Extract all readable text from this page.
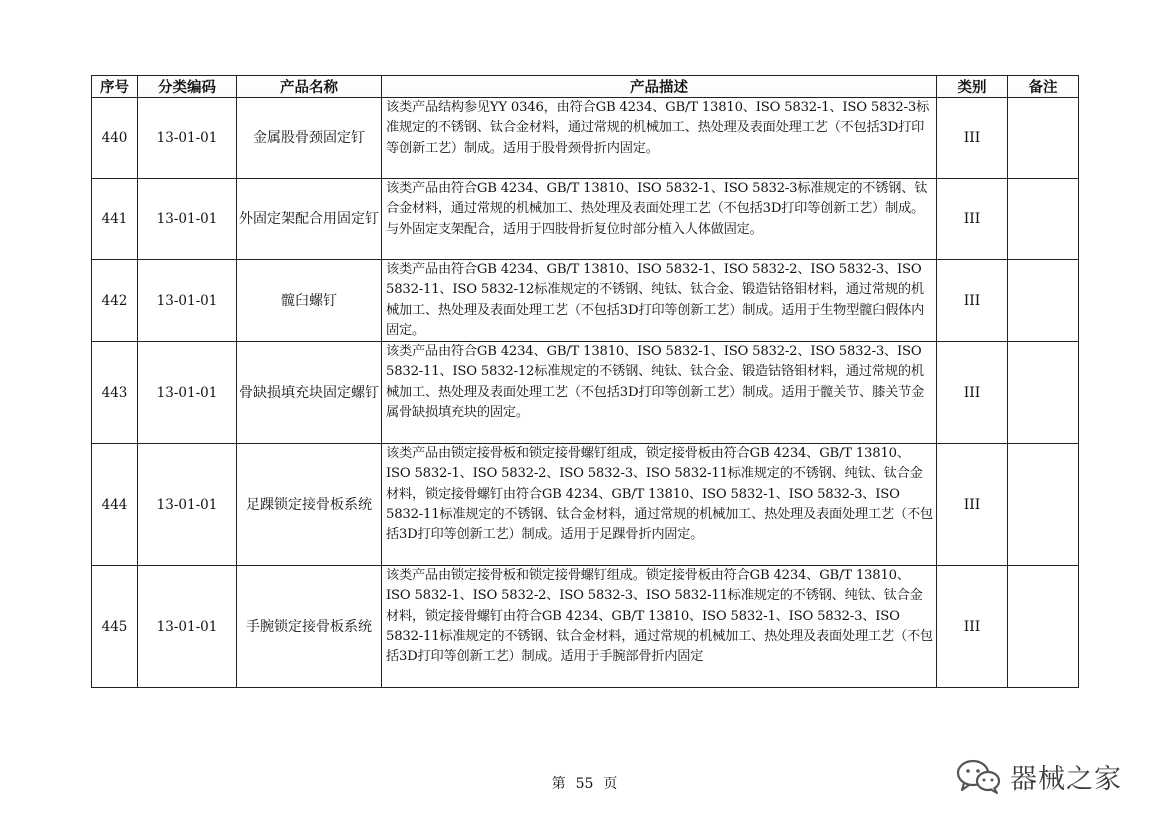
序号	分类编码	产品名称	产品描述	类别	备注
440	13-01-01	金属股骨颈固定钉	该类产品结构参见YY 0346，由符合GB 4234、GB/T 13810、ISO 5832-1、ISO 5832-3标准规定的不锈钢、钛合金材料，通过常规的机械加工、热处理及表面处理工艺（不包括3D打印等创新工艺）制成。适用于股骨颈骨折内固定。	III	
441	13-01-01	外固定架配合用固定钉	该类产品由符合GB 4234、GB/T 13810、ISO 5832-1、ISO 5832-3标准规定的不锈钢、钛合金材料，通过常规的机械加工、热处理及表面处理工艺（不包括3D打印等创新工艺）制成。与外固定支架配合，适用于四肢骨折复位时部分植入人体做固定。	III	
442	13-01-01	髋臼螺钉	该类产品由符合GB 4234、GB/T 13810、ISO 5832-1、ISO 5832-2、ISO 5832-3、ISO 5832-11、ISO 5832-12标准规定的不锈钢、纯钛、钛合金、锻造钴铬钼材料，通过常规的机械加工、热处理及表面处理工艺（不包括3D打印等创新工艺）制成。适用于生物型髋臼假体内固定。	III	
443	13-01-01	骨缺损填充块固定螺钉	该类产品由符合GB 4234、GB/T 13810、ISO 5832-1、ISO 5832-2、ISO 5832-3、ISO 5832-11、ISO 5832-12标准规定的不锈钢、纯钛、钛合金、锻造钴铬钼材料，通过常规的机械加工、热处理及表面处理工艺（不包括3D打印等创新工艺）制成。适用于髋关节、膝关节金属骨缺损填充块的固定。	III	
444	13-01-01	足踝锁定接骨板系统	该类产品由锁定接骨板和锁定接骨螺钉组成，锁定接骨板由符合GB 4234、GB/T 13810、ISO 5832-1、ISO 5832-2、ISO 5832-3、ISO 5832-11标准规定的不锈钢、纯钛、钛合金材料，锁定接骨螺钉由符合GB 4234、GB/T 13810、ISO 5832-1、ISO 5832-3、ISO 5832-11标准规定的不锈钢、钛合金材料，通过常规的机械加工、热处理及表面处理工艺（不包括3D打印等创新工艺）制成。适用于足踝骨折内固定。	III	
445	13-01-01	手腕锁定接骨板系统	该类产品由锁定接骨板和锁定接骨螺钉组成。锁定接骨板由符合GB 4234、GB/T 13810、ISO 5832-1、ISO 5832-2、ISO 5832-3、ISO 5832-11标准规定的不锈钢、纯钛、钛合金材料，锁定接骨螺钉由符合GB 4234、GB/T 13810、ISO 5832-1、ISO 5832-3、ISO 5832-11标准规定的不锈钢、钛合金材料，通过常规的机械加工、热处理及表面处理工艺（不包括3D打印等创新工艺）制成。适用于手腕部骨折内固定	III	
第 55 页	器械之家
